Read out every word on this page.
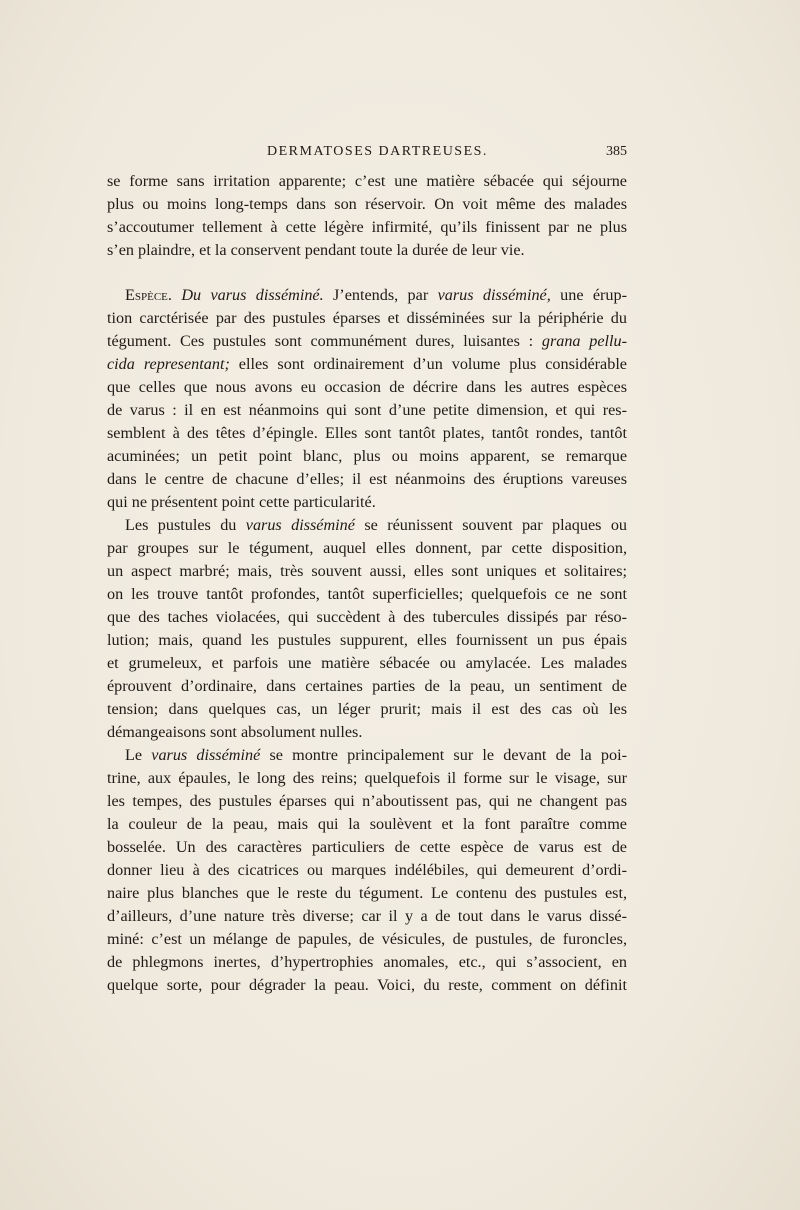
DERMATOSES DARTREUSES.	385
se forme sans irritation apparente; c’est une matière sébacée qui séjourne
plus ou moins long-temps dans son réservoir. On voit même des malades
s’accoutumer tellement à cette légère infirmité, qu’ils finissent par ne plus
s’en plaindre, et la conservent pendant toute la durée de leur vie.
Espèce. Du varus disséminé. J’entends, par varus disséminé, une érup-
tion carctérisée par des pustules éparses et disséminées sur la périphérie du
tégument. Ces pustules sont communément dures, luisantes : grana pellu-
cida representant; elles sont ordinairement d’un volume plus considérable
que celles que nous avons eu occasion de décrire dans les autres espèces
de varus : il en est néanmoins qui sont d’une petite dimension, et qui res-
semblent à des têtes d’épingle. Elles sont tantôt plates, tantôt rondes, tantôt
acuminées; un petit point blanc, plus ou moins apparent, se remarque
dans le centre de chacune d’elles; il est néanmoins des éruptions vareuses
qui ne présentent point cette particularité.
Les pustules du varus disséminé se réunissent souvent par plaques ou
par groupes sur le tégument, auquel elles donnent, par cette disposition,
un aspect marbré; mais, très souvent aussi, elles sont uniques et solitaires;
on les trouve tantôt profondes, tantôt superficielles; quelquefois ce ne sont
que des taches violacées, qui succèdent à des tubercules dissipés par réso-
lution; mais, quand les pustules suppurent, elles fournissent un pus épais
et grumeleux, et parfois une matière sébacée ou amylacée. Les malades
éprouvent d’ordinaire, dans certaines parties de la peau, un sentiment de
tension; dans quelques cas, un léger prurit; mais il est des cas où les
démangeaisons sont absolument nulles.
Le varus disséminé se montre principalement sur le devant de la poi-
trine, aux épaules, le long des reins; quelquefois il forme sur le visage, sur
les tempes, des pustules éparses qui n’aboutissent pas, qui ne changent pas
la couleur de la peau, mais qui la soulèvent et la font paraître comme
bosselée. Un des caractères particuliers de cette espèce de varus est de
donner lieu à des cicatrices ou marques indélébiles, qui demeurent d’ordi-
naire plus blanches que le reste du tégument. Le contenu des pustules est,
d’ailleurs, d’une nature très diverse; car il y a de tout dans le varus dissé-
miné: c’est un mélange de papules, de vésicules, de pustules, de furoncles,
de phlegmons inertes, d’hypertrophies anomales, etc., qui s’associent, en
quelque sorte, pour dégrader la peau. Voici, du reste, comment on définit
